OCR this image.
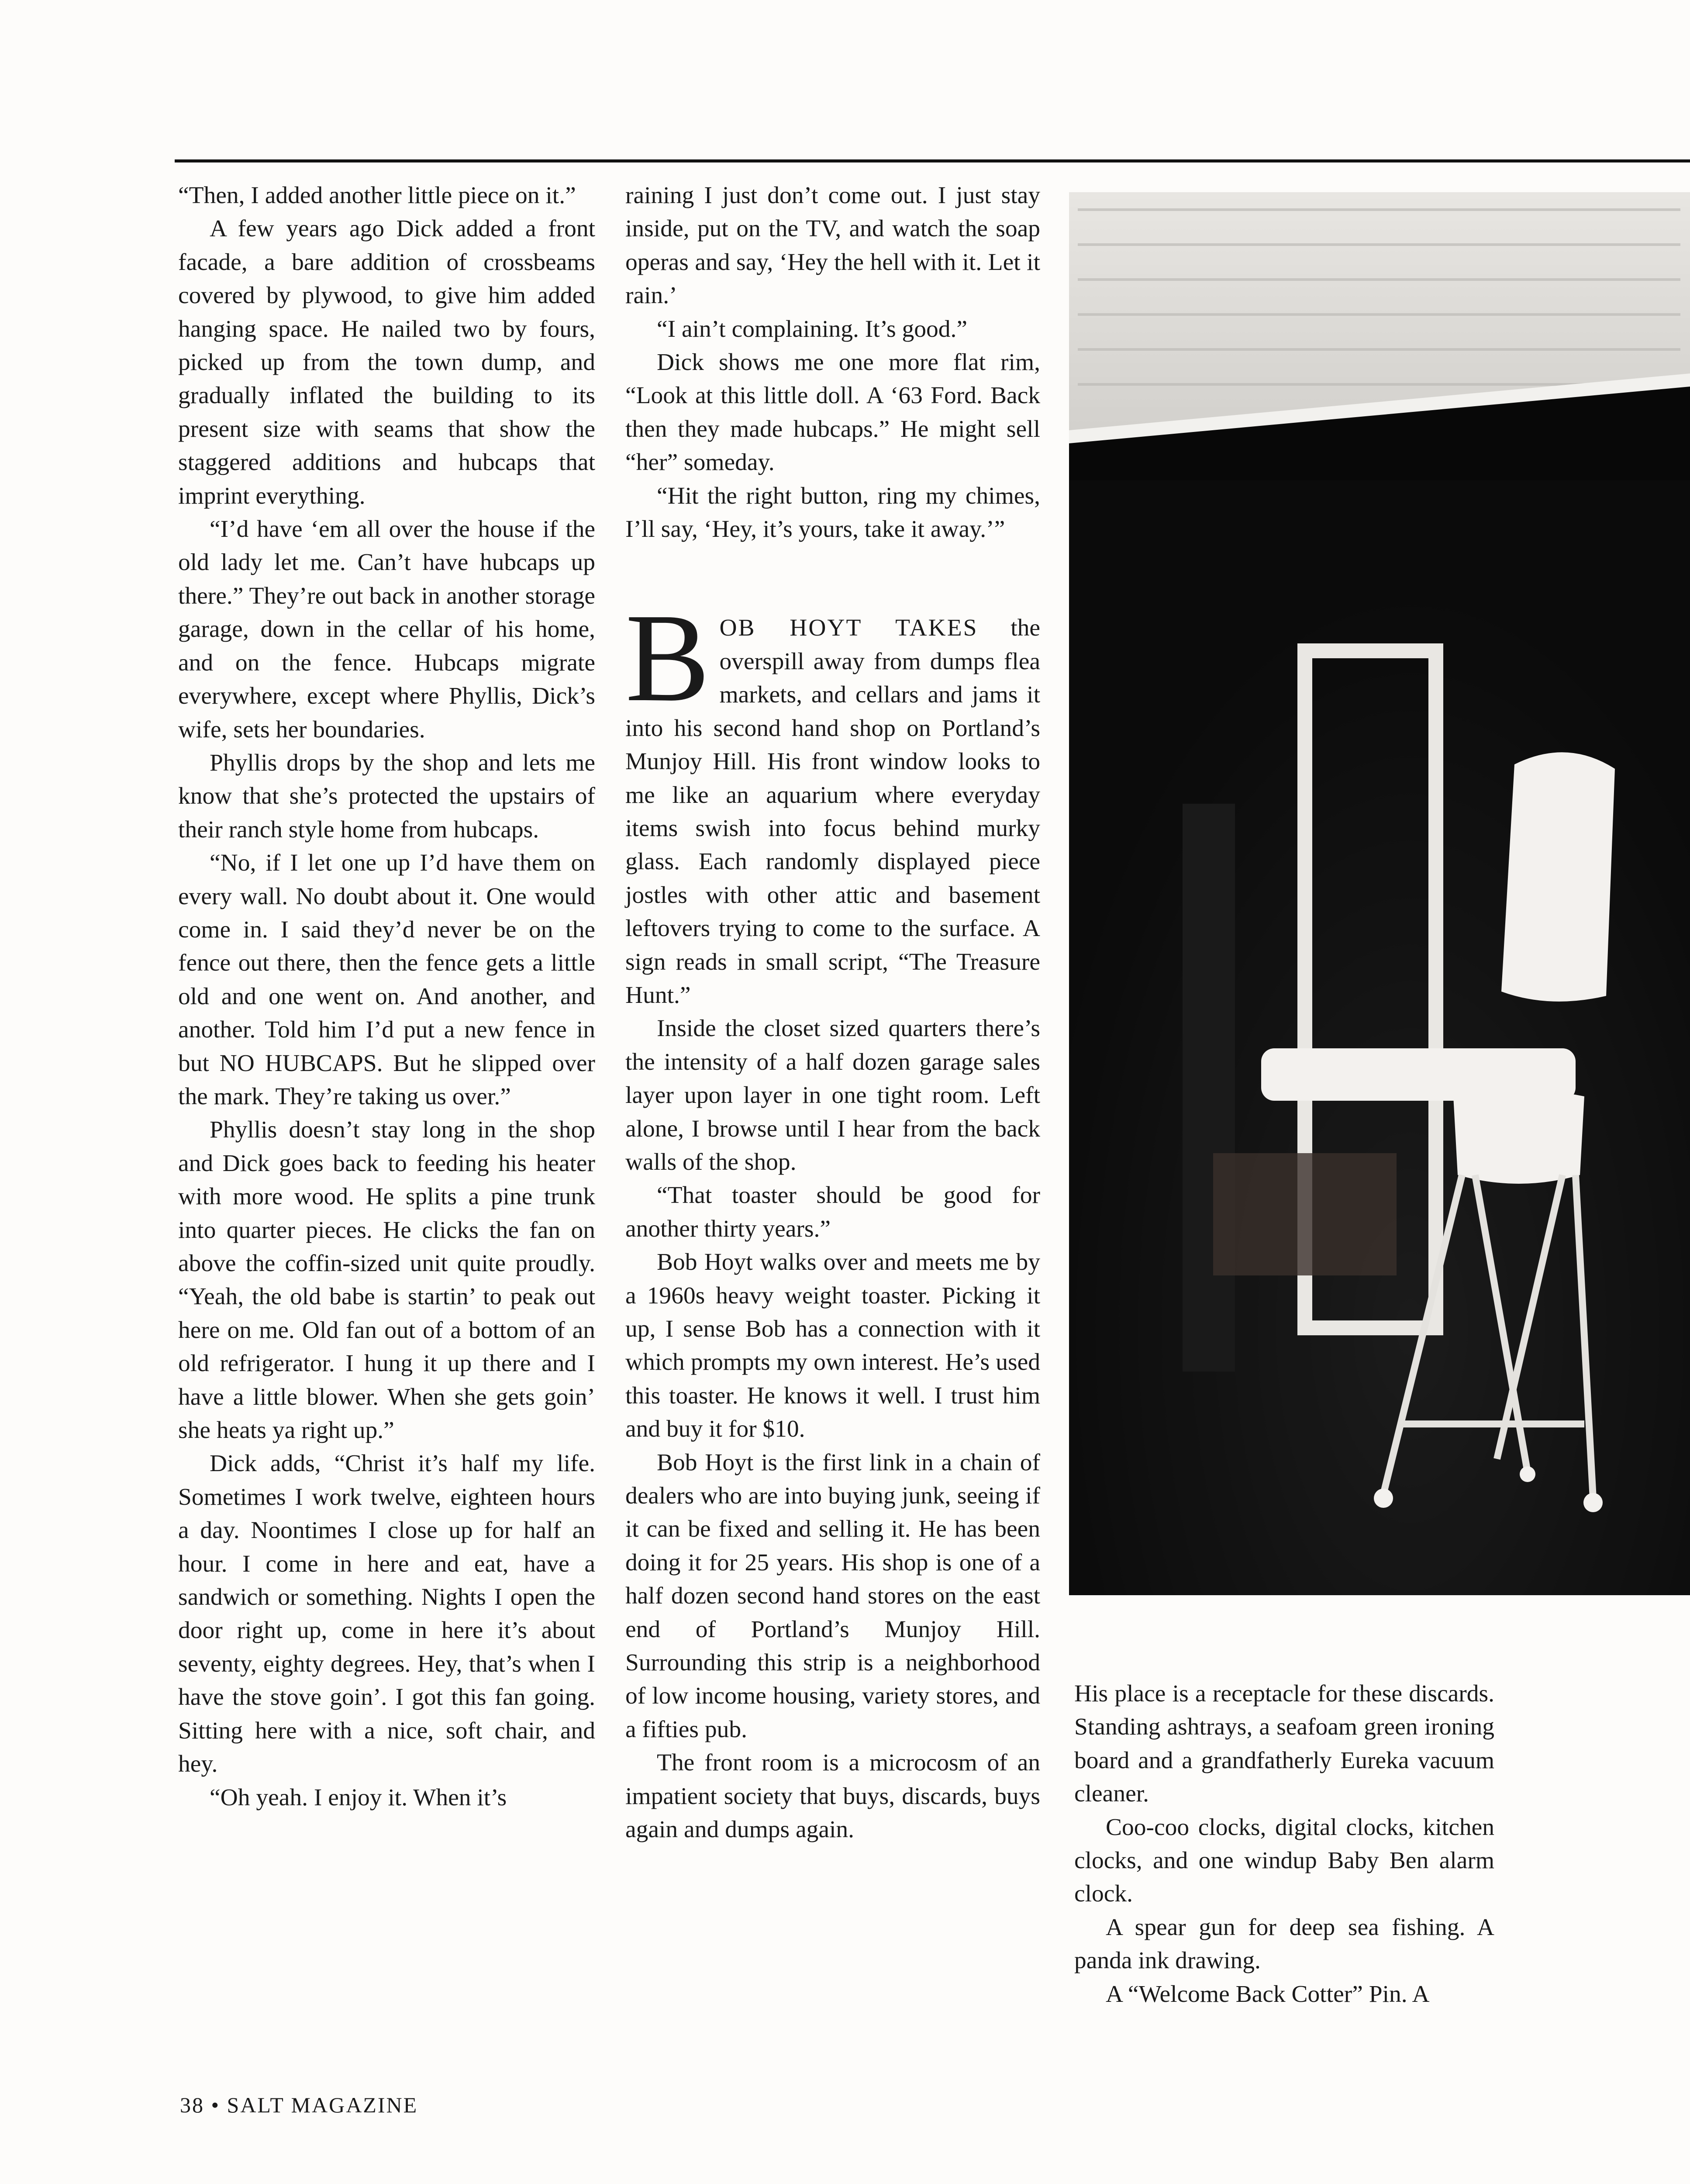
“Then, I added another little piece on it.”

A few years ago Dick added a front facade, a bare addition of crossbeams covered by plywood, to give him added hanging space. He nailed two by fours, picked up from the town dump, and gradually inflated the building to its present size with seams that show the staggered additions and hubcaps that imprint everything.

“I’d have ‘em all over the house if the old lady let me. Can’t have hubcaps up there.” They’re out back in another storage garage, down in the cellar of his home, and on the fence. Hubcaps migrate everywhere, except where Phyllis, Dick’s wife, sets her boundaries.

Phyllis drops by the shop and lets me know that she’s protected the upstairs of their ranch style home from hubcaps.

“No, if I let one up I’d have them on every wall. No doubt about it. One would come in. I said they’d never be on the fence out there, then the fence gets a little old and one went on. And another, and another. Told him I’d put a new fence in but NO HUBCAPS. But he slipped over the mark. They’re taking us over.”

Phyllis doesn’t stay long in the shop and Dick goes back to feeding his heater with more wood. He splits a pine trunk into quarter pieces. He clicks the fan on above the coffin-sized unit quite proudly. “Yeah, the old babe is startin’ to peak out here on me. Old fan out of a bottom of an old refrigerator. I hung it up there and I have a little blower. When she gets goin’ she heats ya right up.”

Dick adds, “Christ it’s half my life. Sometimes I work twelve, eighteen hours a day. Noontimes I close up for half an hour. I come in here and eat, have a sandwich or something. Nights I open the door right up, come in here it’s about seventy, eighty degrees. Hey, that’s when I have the stove goin’. I got this fan going. Sitting here with a nice, soft chair, and hey.

“Oh yeah. I enjoy it. When it’s

raining I just don’t come out. I just stay inside, put on the TV, and watch the soap operas and say, ‘Hey the hell with it. Let it rain.’

“I ain’t complaining. It’s good.”

Dick shows me one more flat rim, “Look at this little doll. A ‘63 Ford. Back then they made hubcaps.” He might sell “her” someday.

“Hit the right button, ring my chimes, I’ll say, ‘Hey, it’s yours, take it away.’”

BOB HOYT TAKES the overspill away from dumps flea markets, and cellars and jams it into his second hand shop on Portland’s Munjoy Hill. His front window looks to me like an aquarium where everyday items swish into focus behind murky glass. Each randomly displayed piece jostles with other attic and basement leftovers trying to come to the surface. A sign reads in small script, “The Treasure Hunt.”

Inside the closet sized quarters there’s the intensity of a half dozen garage sales layer upon layer in one tight room. Left alone, I browse until I hear from the back walls of the shop.

“That toaster should be good for another thirty years.”

Bob Hoyt walks over and meets me by a 1960s heavy weight toaster. Picking it up, I sense Bob has a connection with it which prompts my own interest. He’s used this toaster. He knows it well. I trust him and buy it for $10.

Bob Hoyt is the first link in a chain of dealers who are into buying junk, seeing if it can be fixed and selling it. He has been doing it for 25 years. His shop is one of a half dozen second hand stores on the east end of Portland’s Munjoy Hill. Surrounding this strip is a neighborhood of low income housing, variety stores, and a fifties pub.

The front room is a microcosm of an impatient society that buys, discards, buys again and dumps again.

His place is a receptacle for these discards. Standing ashtrays, a seafoam green ironing board and a grandfatherly Eureka vacuum cleaner.

Coo-coo clocks, digital clocks, kitchen clocks, and one windup Baby Ben alarm clock.

A spear gun for deep sea fishing. A panda ink drawing.

A “Welcome Back Cotter” Pin. A

38 • SALT MAGAZINE
